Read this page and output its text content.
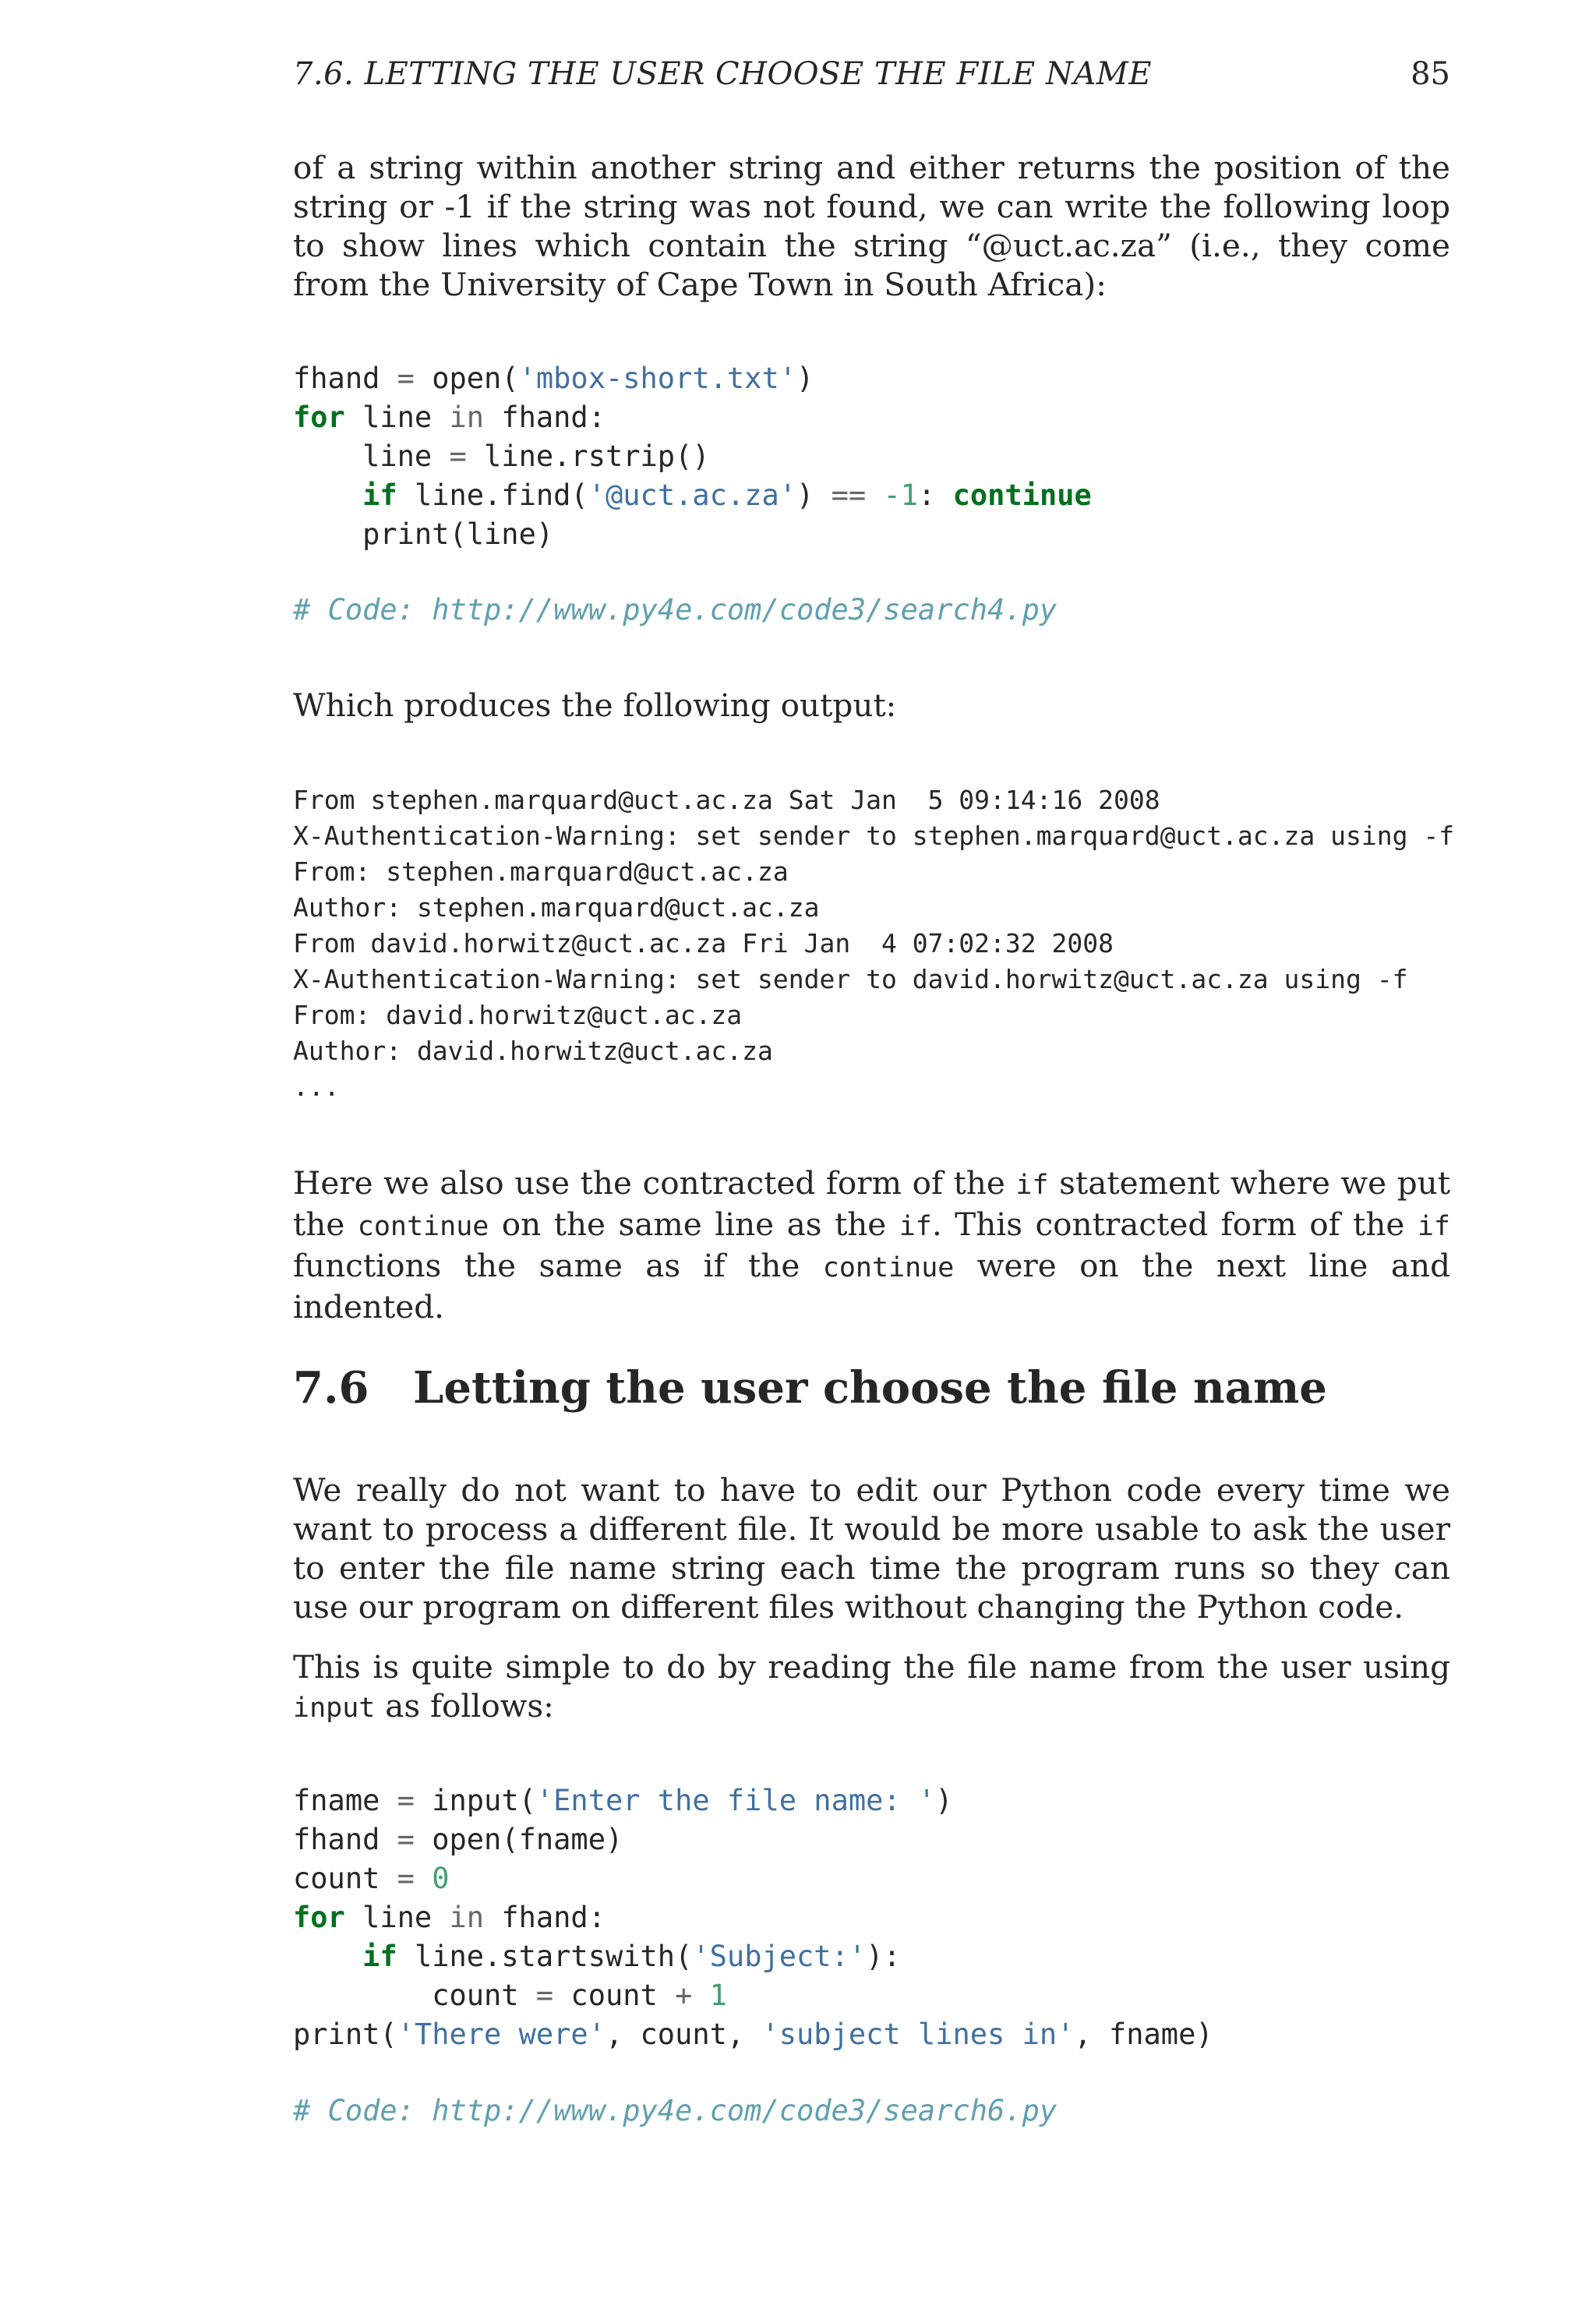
7.6. LETTING THE USER CHOOSE THE FILE NAME	85

of a string within another string and either returns the position of the string or -1 if the string was not found, we can write the following loop to show lines which contain the string “@uct.ac.za” (i.e., they come from the University of Cape Town in South Africa):

fhand = open('mbox-short.txt')
for line in fhand:
line = line.rstrip()
if line.find('@uct.ac.za') == -1: continue
print(line)

# Code: http://www.py4e.com/code3/search4.py

Which produces the following output:

From stephen.marquard@uct.ac.za Sat Jan  5 09:14:16 2008
X-Authentication-Warning: set sender to stephen.marquard@uct.ac.za using -f
From: stephen.marquard@uct.ac.za
Author: stephen.marquard@uct.ac.za
From david.horwitz@uct.ac.za Fri Jan  4 07:02:32 2008
X-Authentication-Warning: set sender to david.horwitz@uct.ac.za using -f
From: david.horwitz@uct.ac.za
Author: david.horwitz@uct.ac.za
...

Here we also use the contracted form of the if statement where we put the continue on the same line as the if. This contracted form of the if functions the same as if the continue were on the next line and indented.

7.6	Letting the user choose the file name

We really do not want to have to edit our Python code every time we want to process a different file. It would be more usable to ask the user to enter the file name string each time the program runs so they can use our program on different files without changing the Python code.

This is quite simple to do by reading the file name from the user using input as follows:

fname = input('Enter the file name: ')
fhand = open(fname)
count = 0
for line in fhand:
if line.startswith('Subject:'):
count = count + 1
print('There were', count, 'subject lines in', fname)

# Code: http://www.py4e.com/code3/search6.py
